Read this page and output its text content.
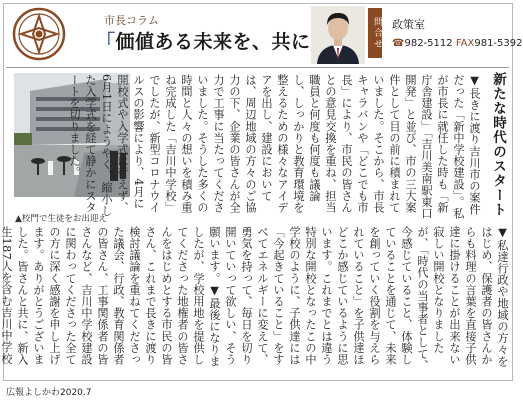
市長コラム
「価値ある未来を、共に	問合せ 政策室
☎982-5112 FAX981-5392
▲校門で生徒をお出迎え
新たな時代のスタート
▼長きに渡り吉川市の案件だった「新中学校建設」。私が市長に就任した時も「新庁舎建設」「吉川美南駅東口開発」と並び、市の三大案件として目の前に積まれていました。そこから、市長キャラバンや「どこでも市長」により、市民の皆さんとの意見交換を重ね、担当職員と何度も何度も議論し、しっかりと教育環境を整えるための様々なアイデアを出し、建設においては、周辺地域の方々のご協力の下、企業の皆さんが全力で工事に当たってくださいました。そうした多くの時間と人々の想いを積み重ね完成した「吉川中学校」でしたが、新型コロナウイルスの影響により、4月に開校式や入学式は行えず、6月1日にようやく、縮小した入学式を経て静かにスタートを切りました。
▼私達行政や地域の方々をはじめ、保護者の皆さんからも料理の言葉を直接子供達に掛けることが出来ない寂しい開校となりましたが、「時代の当事者として、今感じていること、体験していることを通じて、未来を創っていく役割を与えられていること」を子供達ほどこか感じているように思います。これまでとは違う特別な開校となったこの中学校のように、子供達には「今起きていること」をすべてエネルギーに変えて、勇気を持って、毎日を切り開いていって欲しい、そう願います。▼最後になりましたが、学校用地を提供してくださった地権者の皆さんをはじめとする市民の皆さん、これまで長きに渡り検討議論を重ねてくださった議会、行政、教育関係者の皆さん、工事関係者の皆さんなど、吉川中学校建設に関わってくださった全ての方に深く感謝を申し上げます。ありがとうございました。皆さんと共に、新入生187人を含む吉川中学校
広報よしかわ2020.7
